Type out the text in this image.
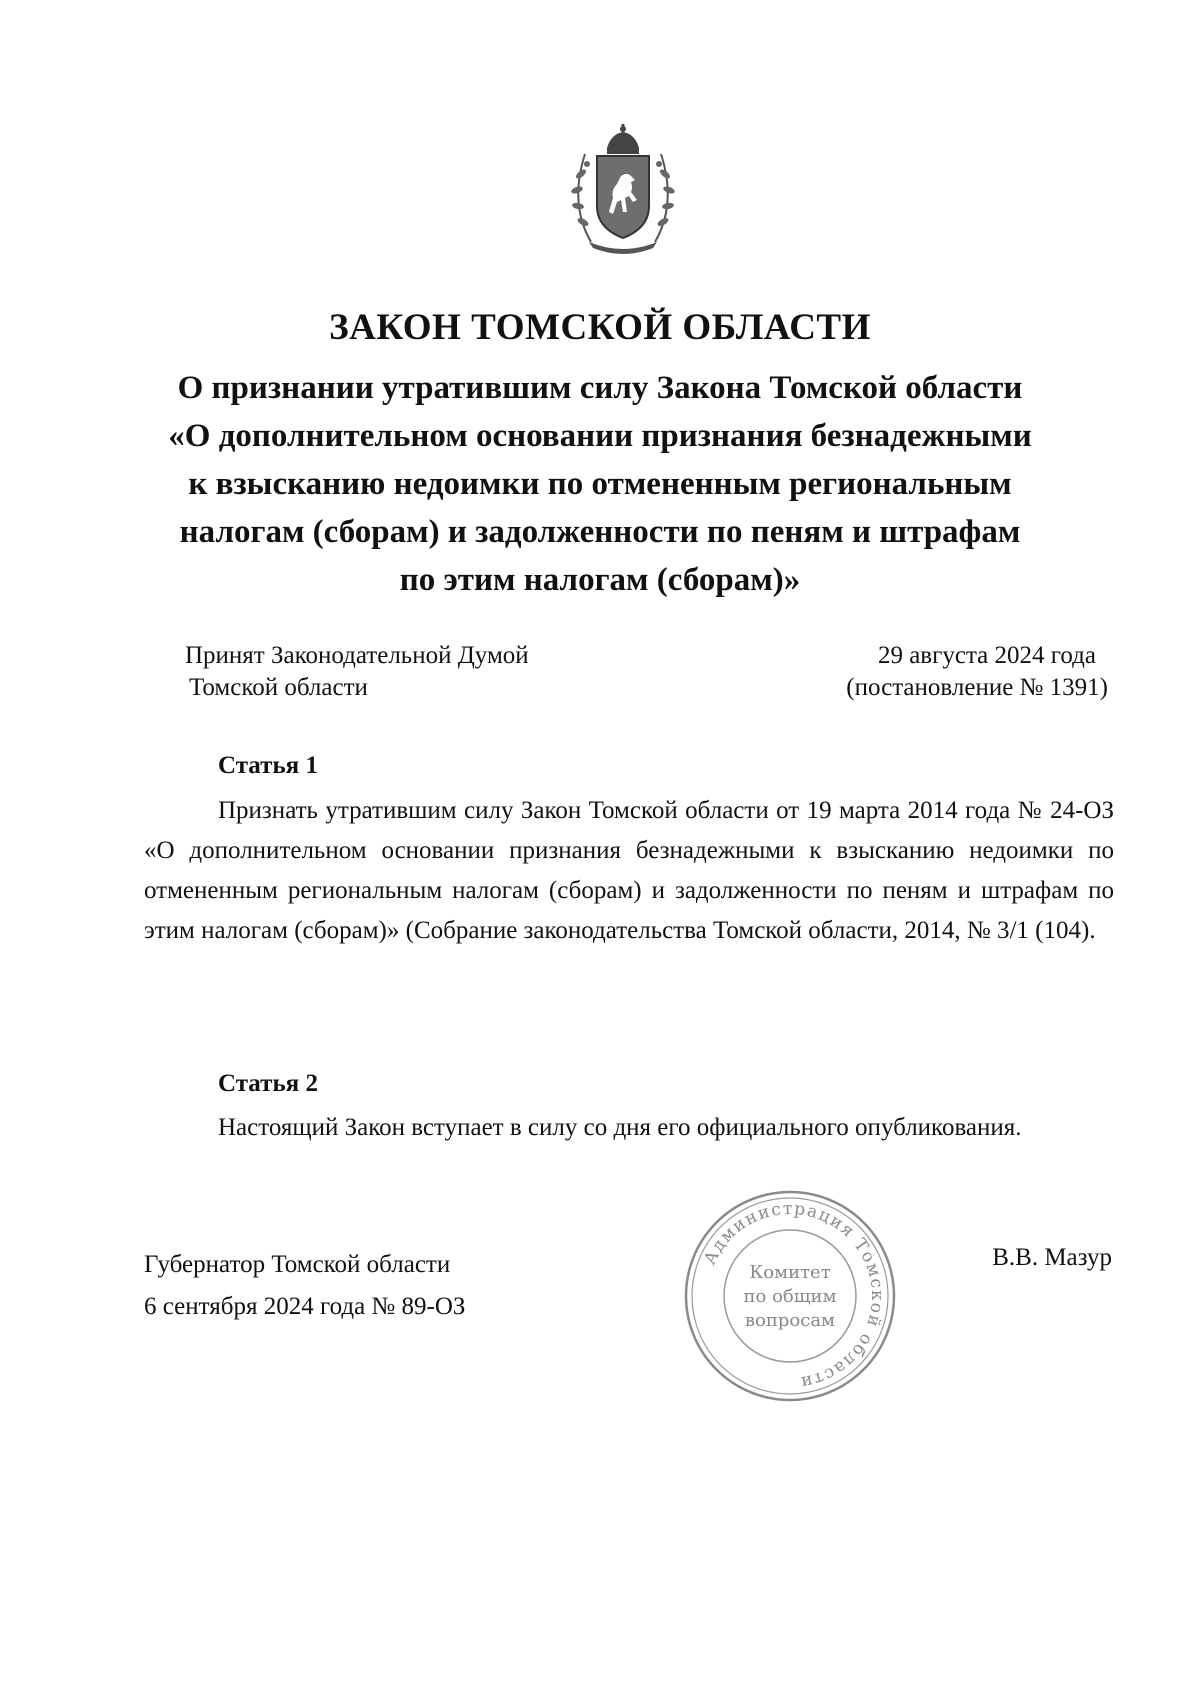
ЗАКОН ТОМСКОЙ ОБЛАСТИ
О признании утратившим силу Закона Томской области
«О дополнительном основании признания безнадежными
к взысканию недоимки по отмененным региональным
налогам (сборам) и задолженности по пеням и штрафам
по этим налогам (сборам)»
Принят Законодательной Думой
Томской области
29 августа 2024 года
(постановление № 1391)
Статья 1
Признать утратившим силу Закон Томской области от 19 марта 2014 года № 24-ОЗ «О дополнительном основании признания безнадежными к взысканию недоимки по отмененным региональным налогам (сборам) и задолженности по пеням и штрафам по этим налогам (сборам)» (Собрание законодательства Томской области, 2014, № 3/1 (104).
Статья 2
Настоящий Закон вступает в силу со дня его официального опубликования.
Губернатор Томской области
6 сентября 2024 года № 89-ОЗ
В.В. Мазур
Администрация Томской области
Комитет
по общим
вопросам
